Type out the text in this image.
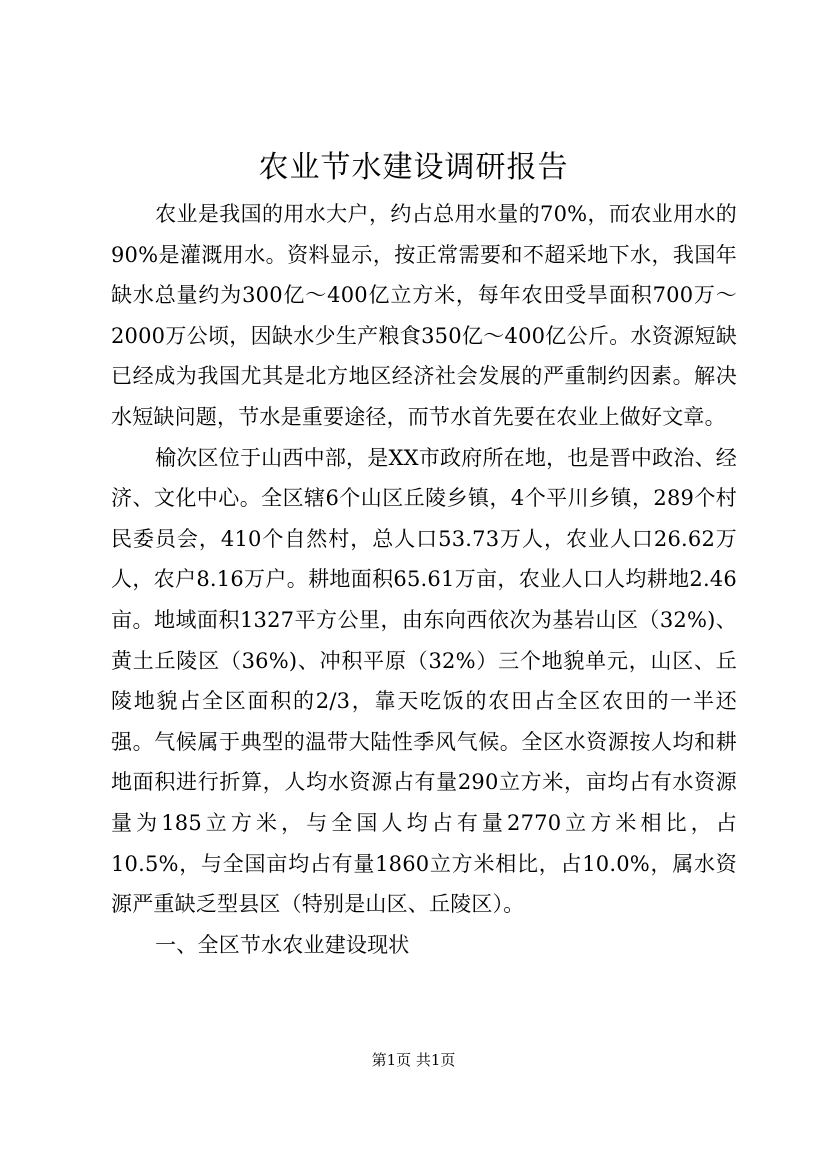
农业节水建设调研报告

农业是我国的用水大户，约占总用水量的70%，而农业用水的90%是灌溉用水。资料显示，按正常需要和不超采地下水，我国年缺水总量约为300亿～400亿立方米，每年农田受旱面积700万～2000万公顷，因缺水少生产粮食350亿～400亿公斤。水资源短缺已经成为我国尤其是北方地区经济社会发展的严重制约因素。解决水短缺问题，节水是重要途径，而节水首先要在农业上做好文章。

榆次区位于山西中部，是XX市政府所在地，也是晋中政治、经济、文化中心。全区辖6个山区丘陵乡镇，4个平川乡镇，289个村民委员会，410个自然村，总人口53.73万人，农业人口26.62万人，农户8.16万户。耕地面积65.61万亩，农业人口人均耕地2.46亩。地域面积1327平方公里，由东向西依次为基岩山区（32%)、黄土丘陵区（36%)、冲积平原（32%）三个地貌单元，山区、丘陵地貌占全区面积的2/3，靠天吃饭的农田占全区农田的一半还强。气候属于典型的温带大陆性季风气候。全区水资源按人均和耕地面积进行折算，人均水资源占有量290立方米，亩均占有水资源量为185立方米，与全国人均占有量2770立方米相比，占10.5%，与全国亩均占有量1860立方米相比，占10.0%，属水资源严重缺乏型县区（特别是山区、丘陵区）。

一、全区节水农业建设现状

第1页 共1页
